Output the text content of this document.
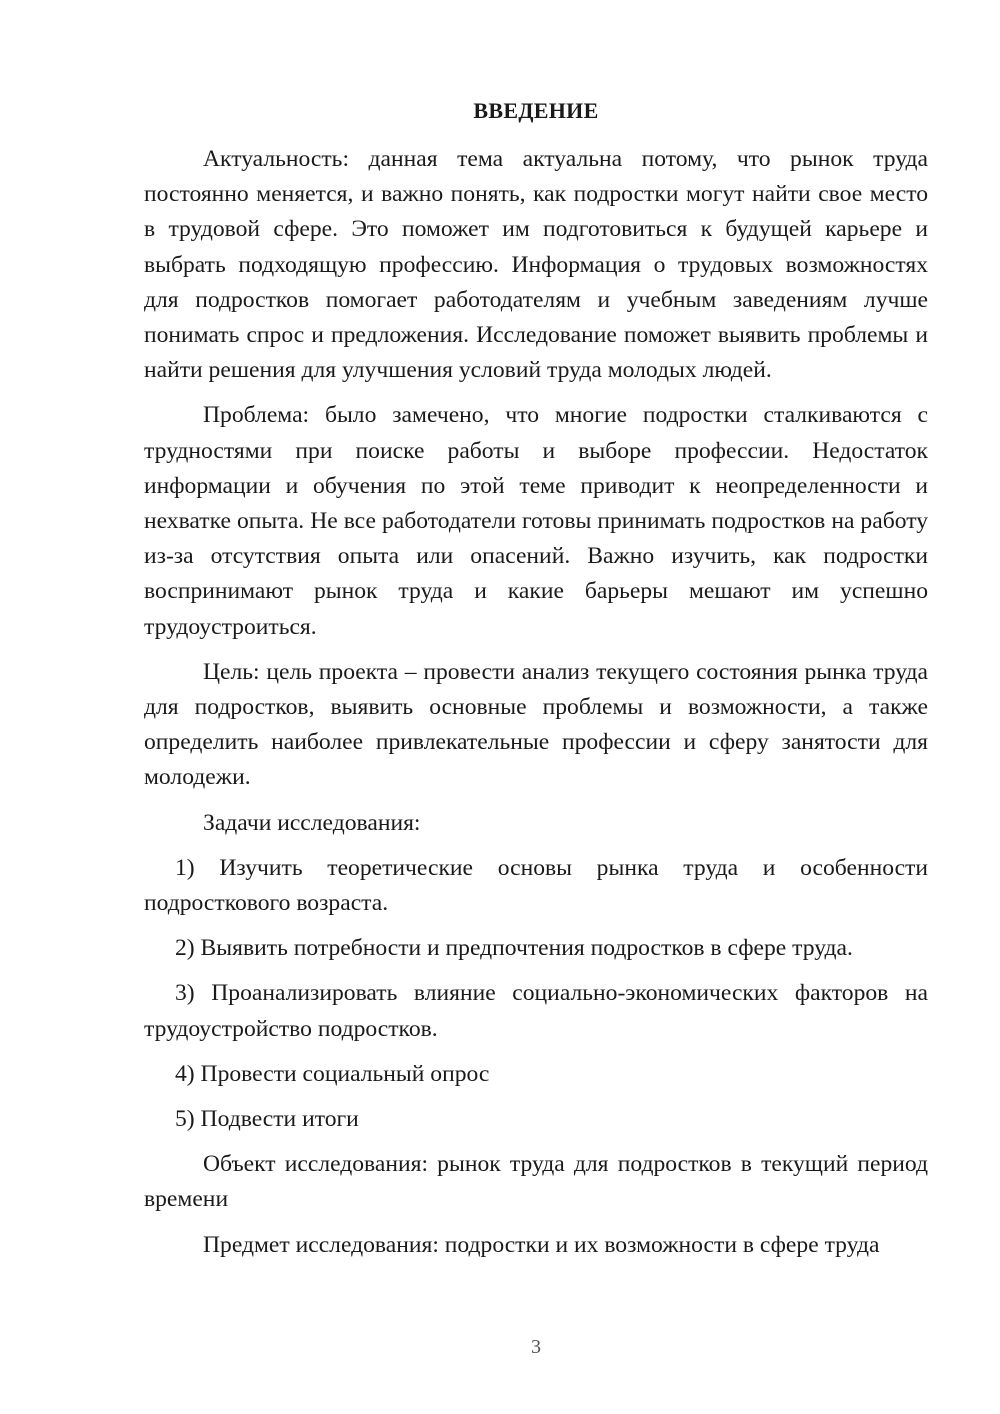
ВВЕДЕНИЕ

Актуальность: данная тема актуальна потому, что рынок труда постоянно меняется, и важно понять, как подростки могут найти свое место в трудовой сфере. Это поможет им подготовиться к будущей карьере и выбрать подходящую профессию. Информация о трудовых возможностях для подростков помогает работодателям и учебным заведениям лучше понимать спрос и предложения. Исследование поможет выявить проблемы и найти решения для улучшения условий труда молодых людей.

Проблема: было замечено, что многие подростки сталкиваются с трудностями при поиске работы и выборе профессии. Недостаток информации и обучения по этой теме приводит к неопределенности и нехватке опыта. Не все работодатели готовы принимать подростков на работу из-за отсутствия опыта или опасений. Важно изучить, как подростки воспринимают рынок труда и какие барьеры мешают им успешно трудоустроиться.

Цель: цель проекта – провести анализ текущего состояния рынка труда для подростков, выявить основные проблемы и возможности, а также определить наиболее привлекательные профессии и сферу занятости для молодежи.

Задачи исследования:

1) Изучить теоретические основы рынка труда и особенности подросткового возраста.

2) Выявить потребности и предпочтения подростков в сфере труда.

3) Проанализировать влияние социально-экономических факторов на трудоустройство подростков.

4) Провести социальный опрос

5) Подвести итоги

Объект исследования: рынок труда для подростков в текущий период времени

Предмет исследования: подростки и их возможности в сфере труда

3
